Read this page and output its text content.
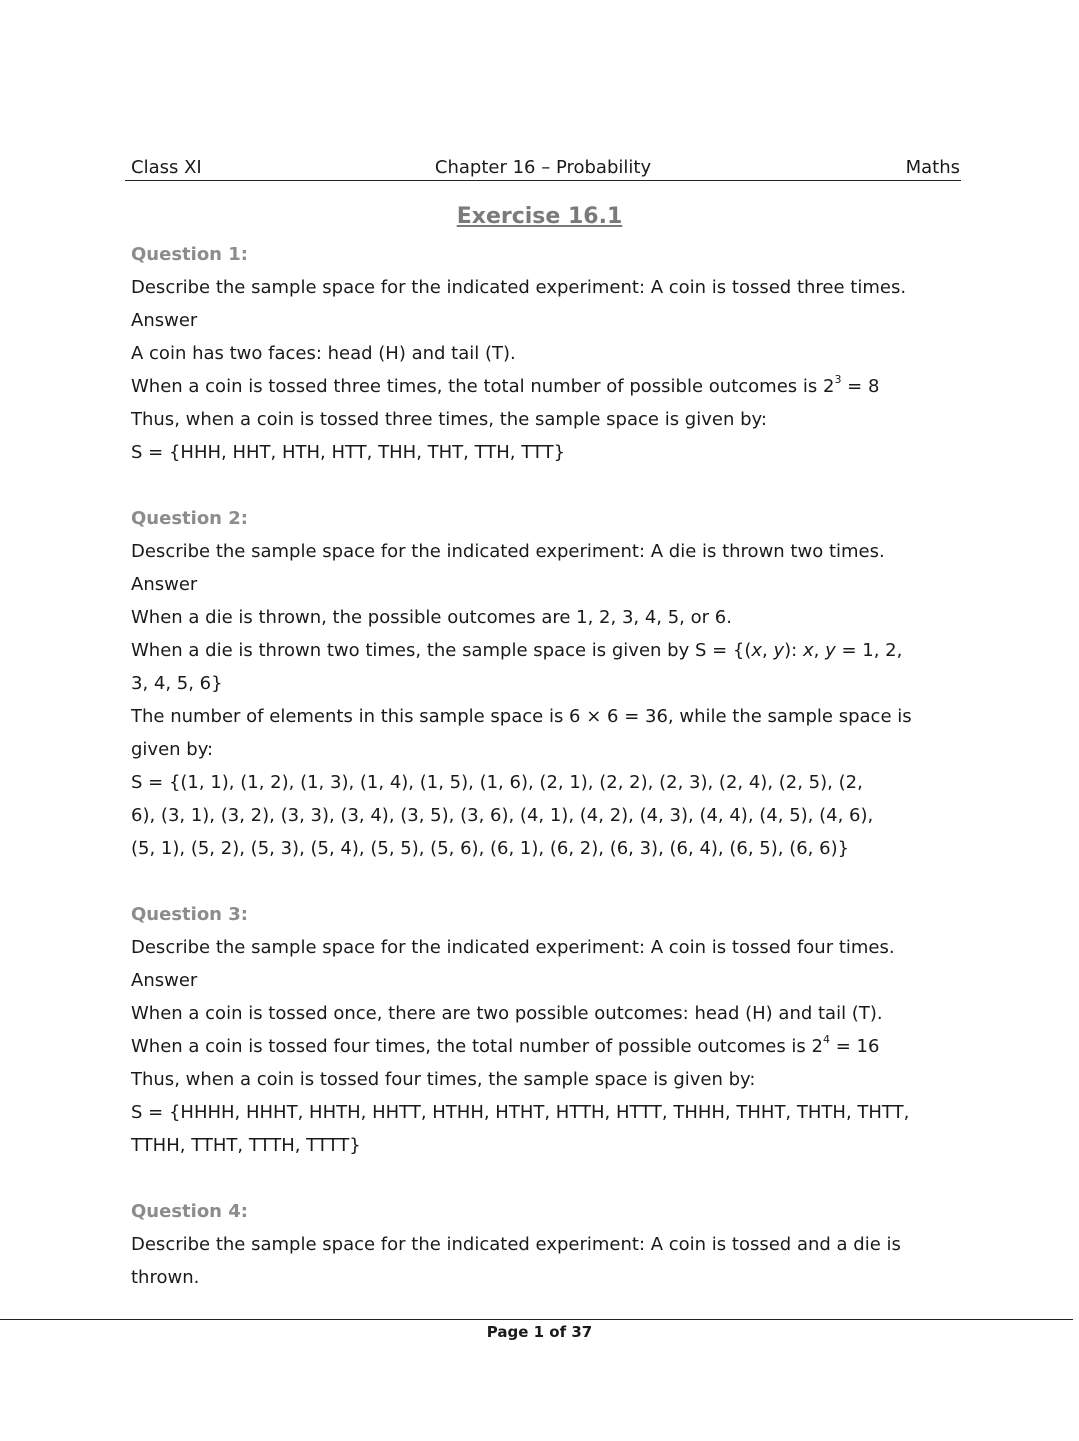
Class XI	Chapter 16 – Probability	Maths
Exercise 16.1
Question 1:
Describe the sample space for the indicated experiment: A coin is tossed three times.
Answer
A coin has two faces: head (H) and tail (T).
When a coin is tossed three times, the total number of possible outcomes is $2^3 = 8$
Thus, when a coin is tossed three times, the sample space is given by:
S = {HHH, HHT, HTH, HTT, THH, THT, TTH, TTT}
Question 2:
Describe the sample space for the indicated experiment: A die is thrown two times.
Answer
When a die is thrown, the possible outcomes are 1, 2, 3, 4, 5, or 6.
When a die is thrown two times, the sample space is given by S = {(x, y): x, y = 1, 2,
3, 4, 5, 6}
The number of elements in this sample space is 6 × 6 = 36, while the sample space is
given by:
S = {(1, 1), (1, 2), (1, 3), (1, 4), (1, 5), (1, 6), (2, 1), (2, 2), (2, 3), (2, 4), (2, 5), (2,
6), (3, 1), (3, 2), (3, 3), (3, 4), (3, 5), (3, 6), (4, 1), (4, 2), (4, 3), (4, 4), (4, 5), (4, 6),
(5, 1), (5, 2), (5, 3), (5, 4), (5, 5), (5, 6), (6, 1), (6, 2), (6, 3), (6, 4), (6, 5), (6, 6)}
Question 3:
Describe the sample space for the indicated experiment: A coin is tossed four times.
Answer
When a coin is tossed once, there are two possible outcomes: head (H) and tail (T).
When a coin is tossed four times, the total number of possible outcomes is $2^4 = 16$
Thus, when a coin is tossed four times, the sample space is given by:
S = {HHHH, HHHT, HHTH, HHTT, HTHH, HTHT, HTTH, HTTT, THHH, THHT, THTH, THTT,
TTHH, TTHT, TTTH, TTTT}
Question 4:
Describe the sample space for the indicated experiment: A coin is tossed and a die is
thrown.
Page 1 of 37
